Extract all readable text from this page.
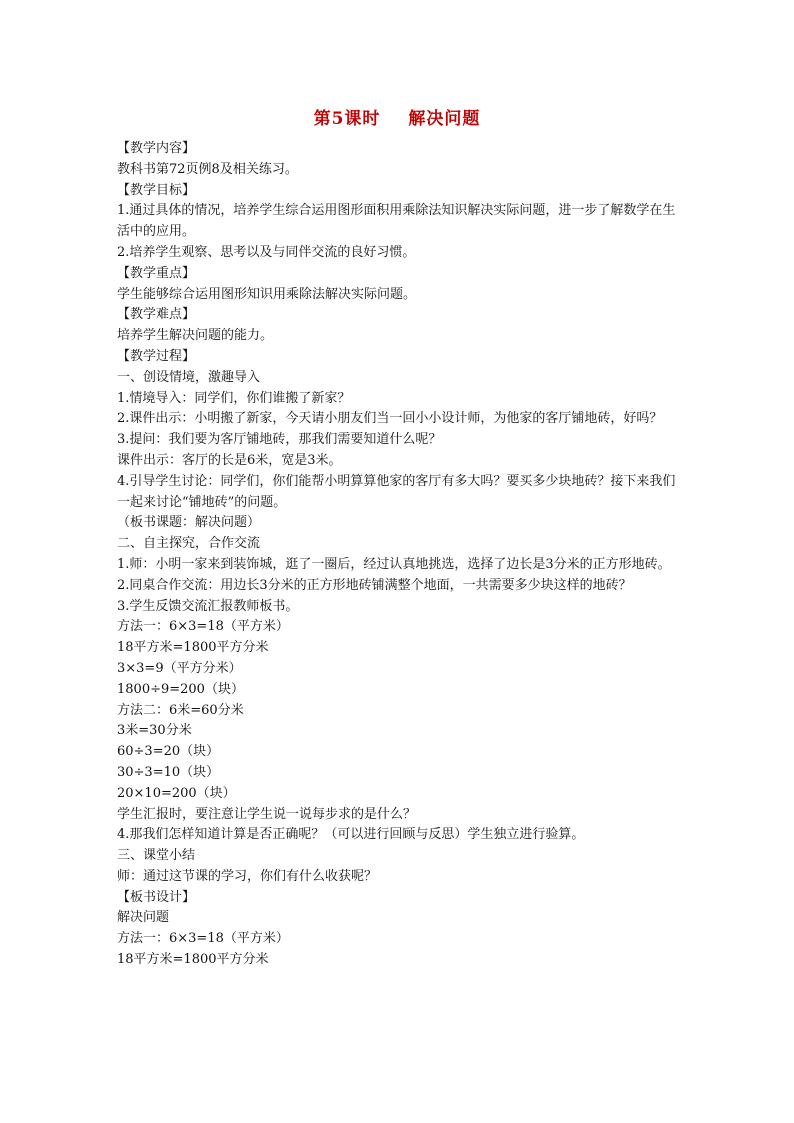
第5课时 解决问题
【教学内容】
教科书第72页例8及相关练习。
【教学目标】
1.通过具体的情况，培养学生综合运用图形面积用乘除法知识解决实际问题，进一步了解数学在生活中的应用。
2.培养学生观察、思考以及与同伴交流的良好习惯。
【教学重点】
学生能够综合运用图形知识用乘除法解决实际问题。
【教学难点】
培养学生解决问题的能力。
【教学过程】
一、创设情境，激趣导入
1.情境导入：同学们，你们谁搬了新家？
2.课件出示：小明搬了新家，今天请小朋友们当一回小小设计师，为他家的客厅铺地砖，好吗？
3.提问：我们要为客厅铺地砖，那我们需要知道什么呢？
课件出示：客厅的长是6米，宽是3米。
4.引导学生讨论：同学们，你们能帮小明算算他家的客厅有多大吗？要买多少块地砖？接下来我们一起来讨论“铺地砖”的问题。
（板书课题：解决问题）
二、自主探究，合作交流
1.师：小明一家来到装饰城，逛了一圈后，经过认真地挑选，选择了边长是3分米的正方形地砖。
2.同桌合作交流：用边长3分米的正方形地砖铺满整个地面，一共需要多少块这样的地砖？
3.学生反馈交流汇报教师板书。
方法一：6×3=18（平方米）
18平方米=1800平方分米
3×3=9（平方分米）
1800÷9=200（块）
方法二：6米=60分米
3米=30分米
60÷3=20（块）
30÷3=10（块）
20×10=200（块）
学生汇报时，要注意让学生说一说每步求的是什么？
4.那我们怎样知道计算是否正确呢？（可以进行回顾与反思）学生独立进行验算。
三、课堂小结
师：通过这节课的学习，你们有什么收获呢？
【板书设计】
解决问题
方法一：6×3=18（平方米）
18平方米=1800平方分米
